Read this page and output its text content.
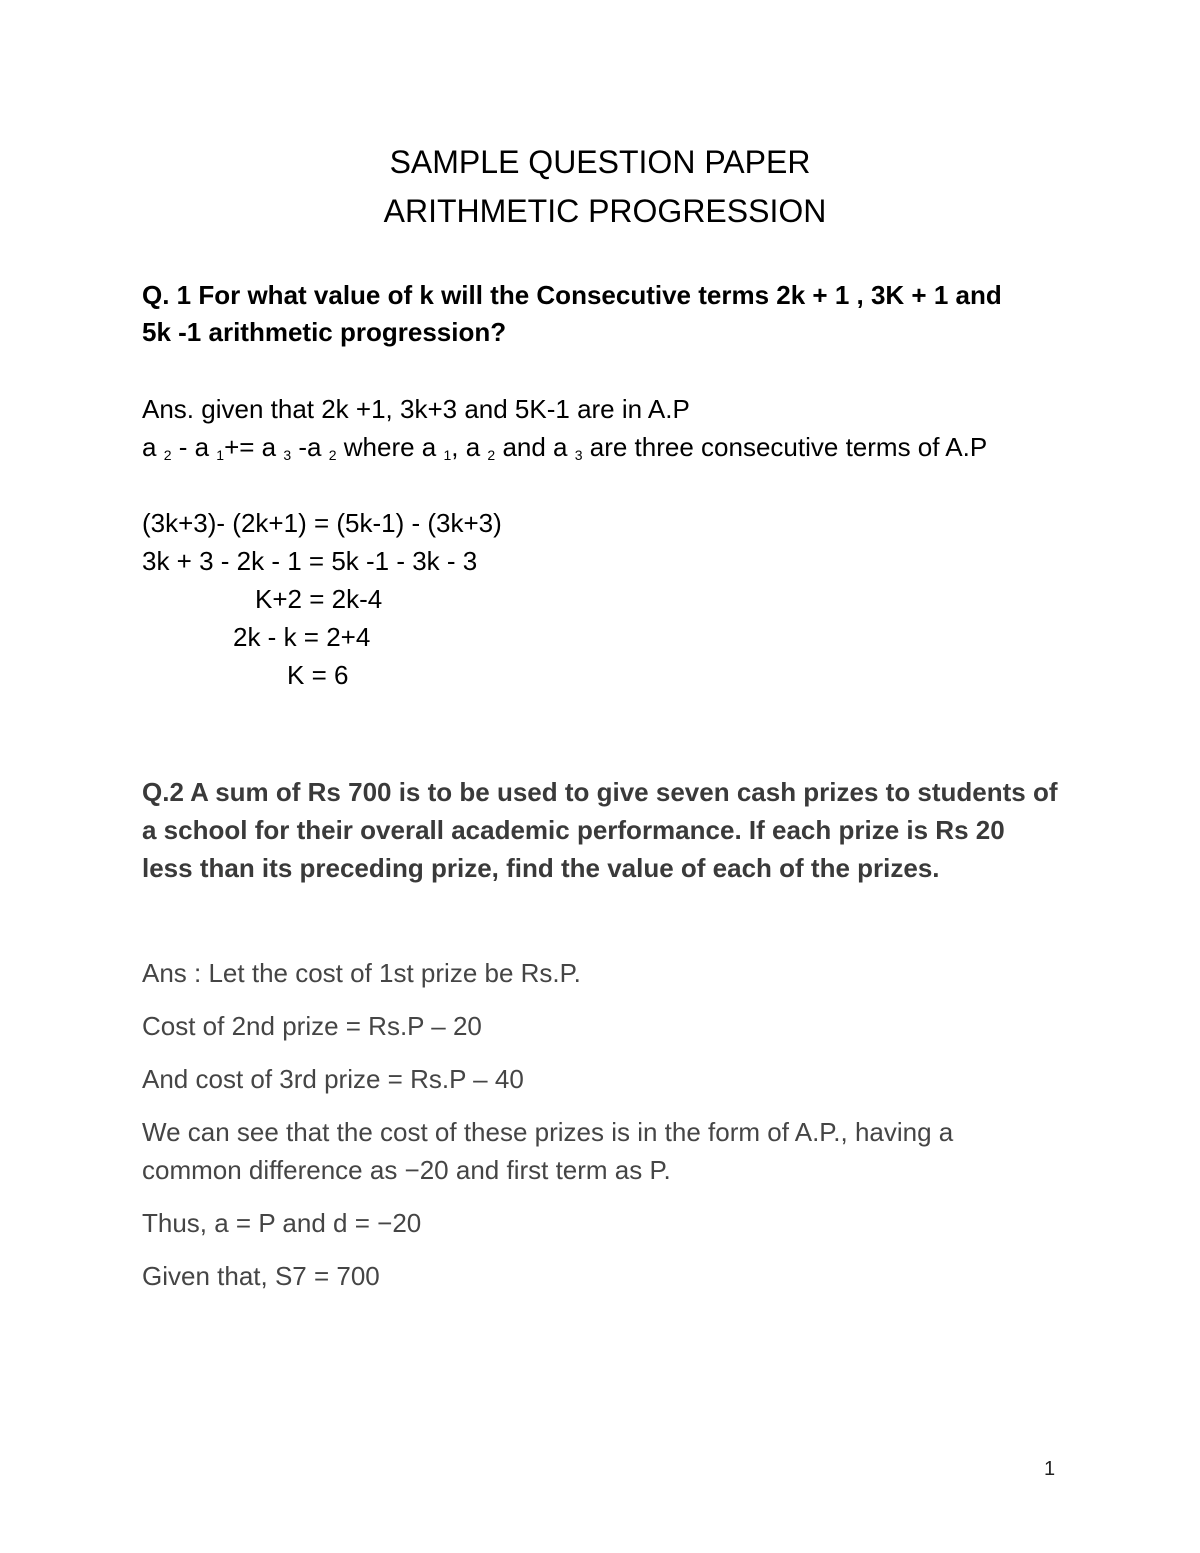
SAMPLE QUESTION PAPER
ARITHMETIC PROGRESSION
Q. 1 For what value of k will the Consecutive terms 2k + 1 , 3K + 1 and
5k -1 arithmetic progression?
Ans. given that 2k +1, 3k+3 and 5K-1 are in A.P
a $_2$ - a $_1$+= a $_3$ -a $_2$ where a $_1$, a $_2$ and a $_3$ are three consecutive terms of A.P
(3k+3)- (2k+1) = (5k-1) - (3k+3)
3k + 3 - 2k - 1 = 5k -1 - 3k - 3
K+2 = 2k-4
2k - k = 2+4
K = 6
Q.2 A sum of Rs 700 is to be used to give seven cash prizes to students of
a school for their overall academic performance. If each prize is Rs 20
less than its preceding prize, find the value of each of the prizes.
Ans : Let the cost of 1st prize be Rs.P.
Cost of 2nd prize = Rs.P – 20
And cost of 3rd prize = Rs.P – 40
We can see that the cost of these prizes is in the form of A.P., having a
common difference as −20 and first term as P.
Thus, a = P and d = −20
Given that, S7 = 700
1
